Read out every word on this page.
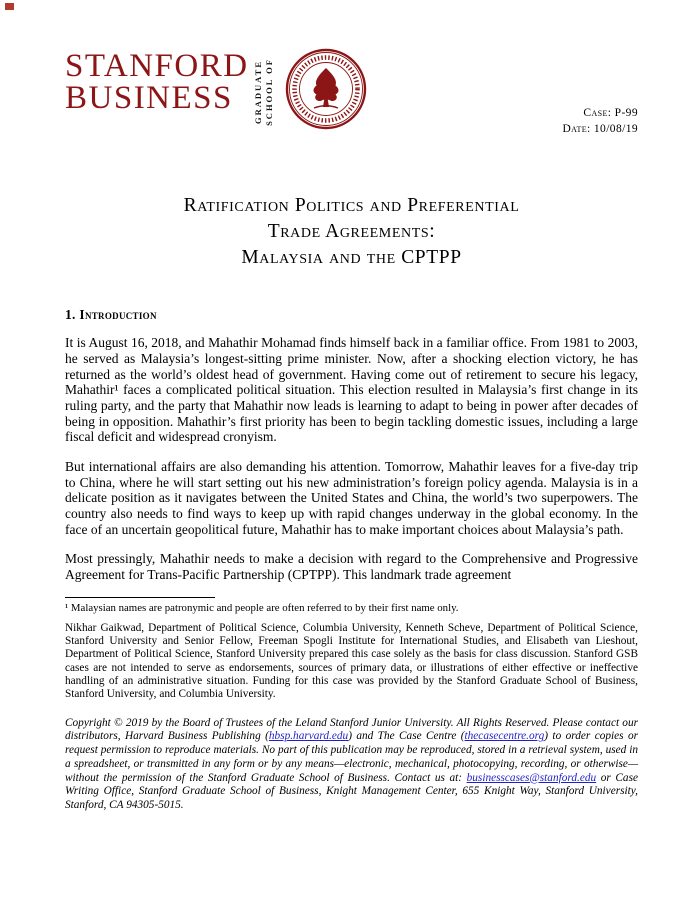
STANFORD
BUSINESS	GRADUATE SCHOOL OF	Case: P-99
Date: 10/08/19
Ratification Politics and Preferential
Trade Agreements:
Malaysia and the CPTPP
1. Introduction

It is August 16, 2018, and Mahathir Mohamad finds himself back in a familiar office. From 1981 to 2003, he served as Malaysia’s longest-sitting prime minister. Now, after a shocking election victory, he has returned as the world’s oldest head of government. Having come out of retirement to secure his legacy, Mahathir¹ faces a complicated political situation. This election resulted in Malaysia’s first change in its ruling party, and the party that Mahathir now leads is learning to adapt to being in power after decades of being in opposition. Mahathir’s first priority has been to begin tackling domestic issues, including a large fiscal deficit and widespread cronyism.

But international affairs are also demanding his attention. Tomorrow, Mahathir leaves for a five-day trip to China, where he will start setting out his new administration’s foreign policy agenda. Malaysia is in a delicate position as it navigates between the United States and China, the world’s two superpowers. The country also needs to find ways to keep up with rapid changes underway in the global economy. In the face of an uncertain geopolitical future, Mahathir has to make important choices about Malaysia’s path.

Most pressingly, Mahathir needs to make a decision with regard to the Comprehensive and Progressive Agreement for Trans-Pacific Partnership (CPTPP). This landmark trade agreement

¹ Malaysian names are patronymic and people are often referred to by their first name only.
Nikhar Gaikwad, Department of Political Science, Columbia University, Kenneth Scheve, Department of Political Science, Stanford University and Senior Fellow, Freeman Spogli Institute for International Studies, and Elisabeth van Lieshout, Department of Political Science, Stanford University prepared this case solely as the basis for class discussion. Stanford GSB cases are not intended to serve as endorsements, sources of primary data, or illustrations of either effective or ineffective handling of an administrative situation. Funding for this case was provided by the Stanford Graduate School of Business, Stanford University, and Columbia University.
Copyright © 2019 by the Board of Trustees of the Leland Stanford Junior University. All Rights Reserved. Please contact our distributors, Harvard Business Publishing (hbsp.harvard.edu) and The Case Centre (thecasecentre.org) to order copies or request permission to reproduce materials. No part of this publication may be reproduced, stored in a retrieval system, used in a spreadsheet, or transmitted in any form or by any means—electronic, mechanical, photocopying, recording, or otherwise—without the permission of the Stanford Graduate School of Business. Contact us at: businesscases@stanford.edu or Case Writing Office, Stanford Graduate School of Business, Knight Management Center, 655 Knight Way, Stanford University, Stanford, CA 94305-5015.
